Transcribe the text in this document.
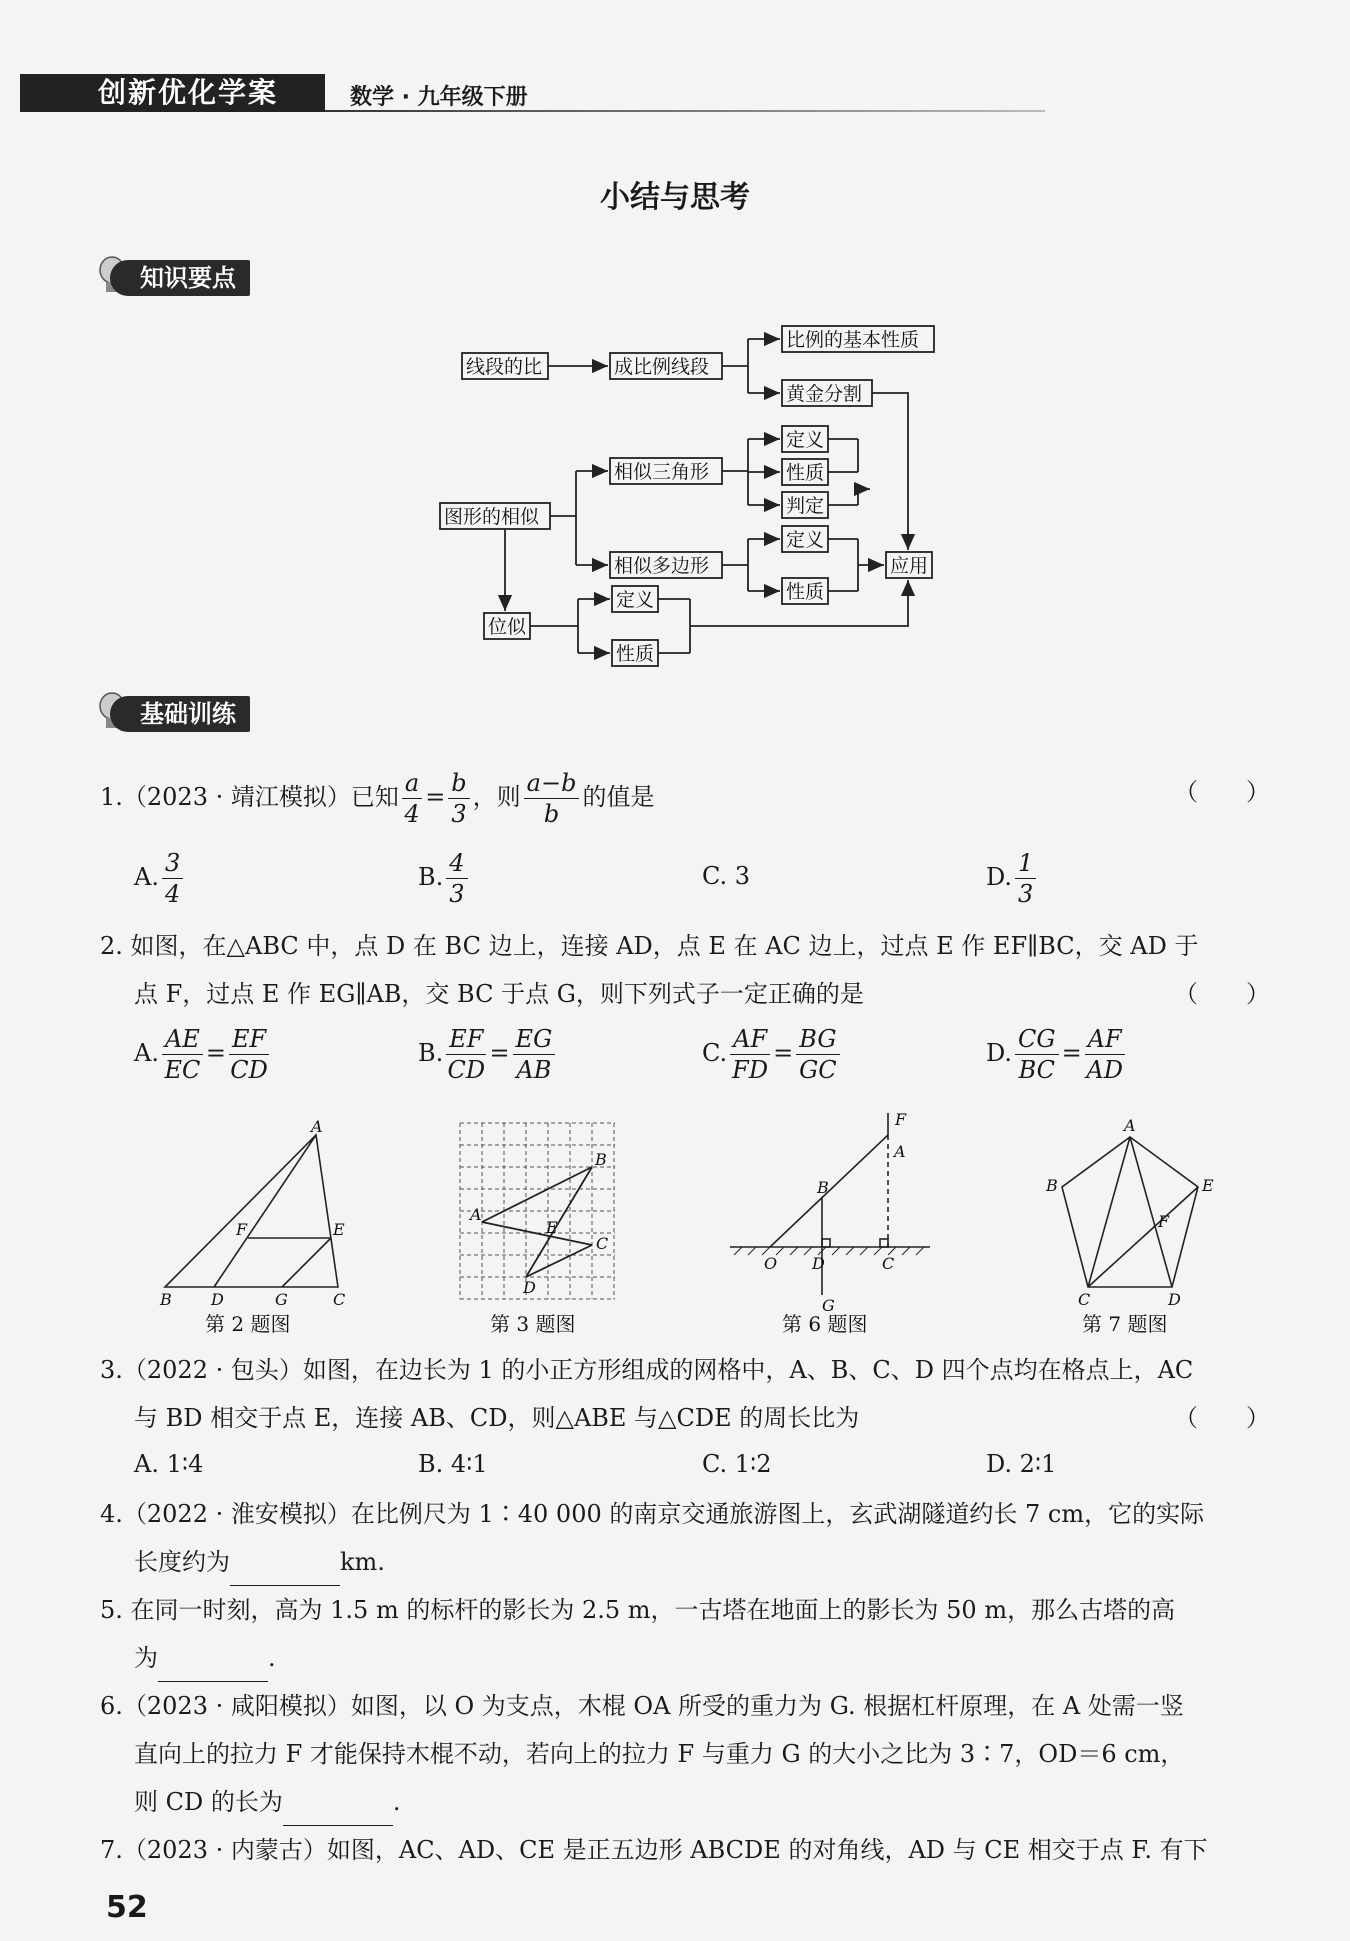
创新优化学案	数学 · 九年级下册
小结与思考
知识要点
线段的比	成比例线段
比例的基本性质
黄金分割
图形的相似
相似三角形
定义
性质
判定
相似多边形
定义
性质
应用
位似
定义
性质
基础训练
1.（2023 · 靖江模拟）已知 $\frac{a}{4} = \frac{b}{3}$ ，则 $\frac{a-b}{b}$ 的值是	（　　）
A. $\frac{3}{4}$	B. $\frac{4}{3}$	C. 3	D. $\frac{1}{3}$
2. 如图，在△ABC 中，点 D 在 BC 边上，连接 AD，点 E 在 AC 边上，过点 E 作 EF∥BC，交 AD 于
点 F，过点 E 作 EG∥AB，交 BC 于点 G，则下列式子一定正确的是	（　　）
A. $\frac{AE}{EC} = \frac{EF}{CD}$	B. $\frac{EF}{CD} = \frac{EG}{AB}$	C. $\frac{AF}{FD} = \frac{BG}{GC}$	D. $\frac{CG}{BC} = \frac{AF}{AD}$
A
B D	G	C
F	E
第 2 题图
A
B
C
D
E
第 3 题图
F
A
B
O D	C
G
第 6 题图
A
B	E
C	D
F
第 7 题图
3.（2022 · 包头）如图，在边长为 1 的小正方形组成的网格中，A、B、C、D 四个点均在格点上，AC
与 BD 相交于点 E，连接 AB、CD，则△ABE 与△CDE 的周长比为	（　　）
A. 1∶4	B. 4∶1	C. 1∶2	D. 2∶1
4.（2022 · 淮安模拟）在比例尺为 1∶40 000 的南京交通旅游图上，玄武湖隧道约长 7 cm，它的实际
长度约为	km.
5. 在同一时刻，高为 1.5 m 的标杆的影长为 2.5 m，一古塔在地面上的影长为 50 m，那么古塔的高
为	.
6.（2023 · 咸阳模拟）如图，以 O 为支点，木棍 OA 所受的重力为 G. 根据杠杆原理，在 A 处需一竖
直向上的拉力 F 才能保持木棍不动，若向上的拉力 F 与重力 G 的大小之比为 3∶7，OD＝6 cm，
则 CD 的长为	.
7.（2023 · 内蒙古）如图，AC、AD、CE 是正五边形 ABCDE 的对角线，AD 与 CE 相交于点 F. 有下
52
